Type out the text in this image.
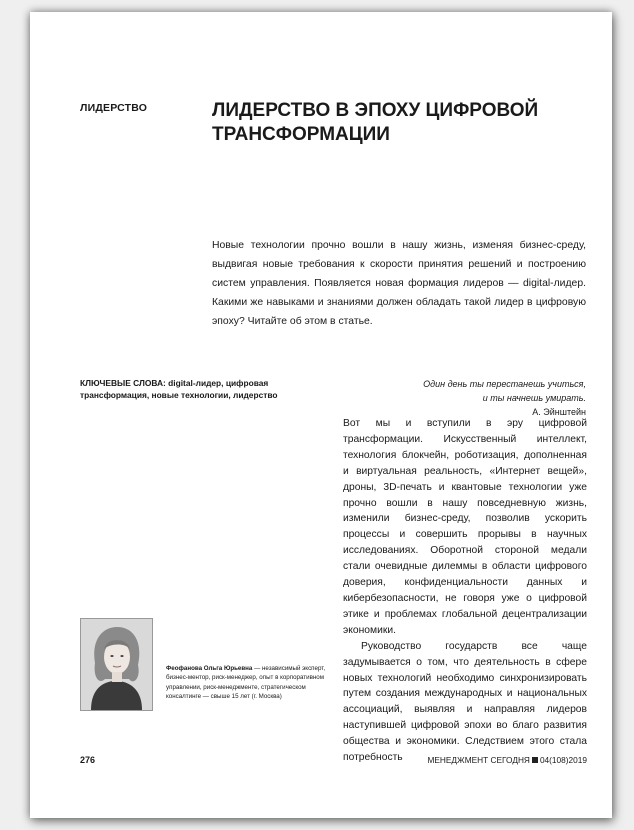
ЛИДЕРСТВО	ЛИДЕРСТВО В ЭПОХУ ЦИФРОВОЙ ТРАНСФОРМАЦИИ

Новые технологии прочно вошли в нашу жизнь, изменяя бизнес-среду, выдвигая новые требования к скорости принятия решений и построению систем управления. Появляется новая формация лидеров — digital-лидер. Какими же навыками и знаниями должен обладать такой лидер в цифровую эпоху? Читайте об этом в статье.

КЛЮЧЕВЫЕ СЛОВА: digital-лидер, цифровая трансформация, новые технологии, лидерство
Один день ты перестанешь учиться,
и ты начнешь умирать.
А. Эйнштейн

Вот мы и вступили в эру цифровой трансформации. Искусственный интеллект, технология блокчейн, роботизация, дополненная и виртуальная реальность, «Интернет вещей», дроны, 3D-печать и квантовые технологии уже прочно вошли в нашу повседневную жизнь, изменили бизнес-среду, позволив ускорить процессы и совершить прорывы в научных исследованиях. Оборотной стороной медали стали очевидные дилеммы в области цифрового доверия, конфиденциальности данных и кибербезопасности, не говоря уже о цифровой этике и проблемах глобальной децентрализации экономики.

Руководство государств все чаще задумывается о том, что деятельность в сфере новых технологий необходимо синхронизировать путем создания международных и национальных ассоциаций, выявляя и направляя лидеров наступившей цифровой эпохи во благо развития общества и экономики. Следствием этого стала потребность

Феофанова Ольга Юрьевна — независимый эксперт, бизнес-ментор, риск-менеджер, опыт в корпоративном управлении, риск-менеджменте, стратегическом консалтинге — свыше 15 лет (г. Москва)
276	МЕНЕДЖМЕНТ СЕГОДНЯ 04(108)2019
